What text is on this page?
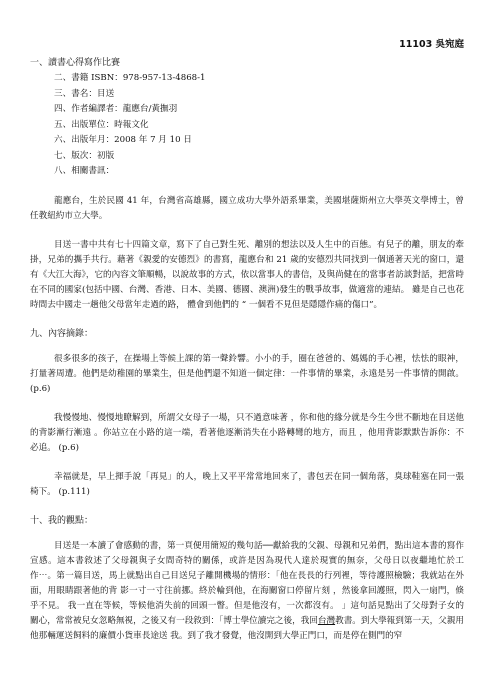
11103 吳宛庭

一、讀書心得寫作比賽

二、書籍 ISBN：978-957-13-4868-1
三、書名：目送
四、作者編譯者：龍應台/黃撫羽
五、出版單位：時報文化
六、出版年月：2008 年 7 月 10 日
七、版次：初版
八、相關書訊：

龍應台，生於民國 41 年，台灣省高雄縣，國立成功大學外語系畢業，美國堪薩斯州立大學英文學博士，曾任教紐約市立大學。

目送一書中共有七十四篇文章，寫下了自己對生死、離別的想法以及人生中的百態。有兒子的離，朋友的牽掛，兄弟的攜手共行。藉著《親愛的安德烈》的書寫，龍應台和 21 歲的安德烈共同找到一個通著天光的窗口，還有《大江大海》，它的內容文筆順暢，以說故事的方式，依以當事人的書信，及與尚健在的當事者訪談對話，把當時在不同的國家(包括中國、台灣、香港、日本、美國、德國、澳洲)發生的戰爭故事，做適當的連結。 雖是自己也花時間去中國走一趟他父母當年走過的路， 體會到他們的 “ 一個看不見但是隱隱作痛的傷口”。

九、內容摘錄：

很多很多的孩子，在操場上等候上課的第一聲鈴響。小小的手，圈在爸爸的、媽媽的手心裡，怯怯的眼神，打量著周遭。他們是幼稚園的畢業生，但是他們還不知道一個定律：一件事情的畢業，永遠是另一件事情的開啟。 (p.6)

我慢慢地、慢慢地瞭解到，所謂父女母子一場，只不過意味著 ，你和他的緣分就是今生今世不斷地在目送他的背影漸行漸遠 。你站立在小路的這一端，看著他逐漸消失在小路轉彎的地方，而且 ，他用背影默默告訴你：不必追。 (p.6)

幸福就是，早上揮手說「再見」的人，晚上又平平常常地回來了，書包丟在同一個角落，臭球鞋塞在同一張椅下。 (p.111)

十、我的觀點：

目送是一本讀了會感動的書，第一頁便用簡短的幾句話──獻給我的父親、母親和兄弟們，點出這本書的寫作宣感。這本書敘述了父母親與子女間奇特的關係，或許是因為現代人達於現實的無奈，父母日以夜繼地忙於工作⋯。第一篇目送，馬上就點出自己目送兒子離開機場的情形：「他在長長的行列裡，等待護照檢驗；我就站在外面，用眼睛跟著他的背 影一寸一寸往前挪。終於輪到他，在海關窗口停留片刻 ，然後拿回護照，閃入一扇門，倏乎不見。 我一直在等候，等候他消失前的回頭一瞥。但是他沒有，一次都沒有。 」這句話見點出了父母對子女的關心，常常被兒女忽略無視，之後又有一段敘到：「博士學位讀完之後，我回台灣教書。到大學報到第一天，父親用他那輛運送飼料的廉價小貨車長途送 我。到了我才發覺，他沒開到大學正門口，而是停在側門的窄
